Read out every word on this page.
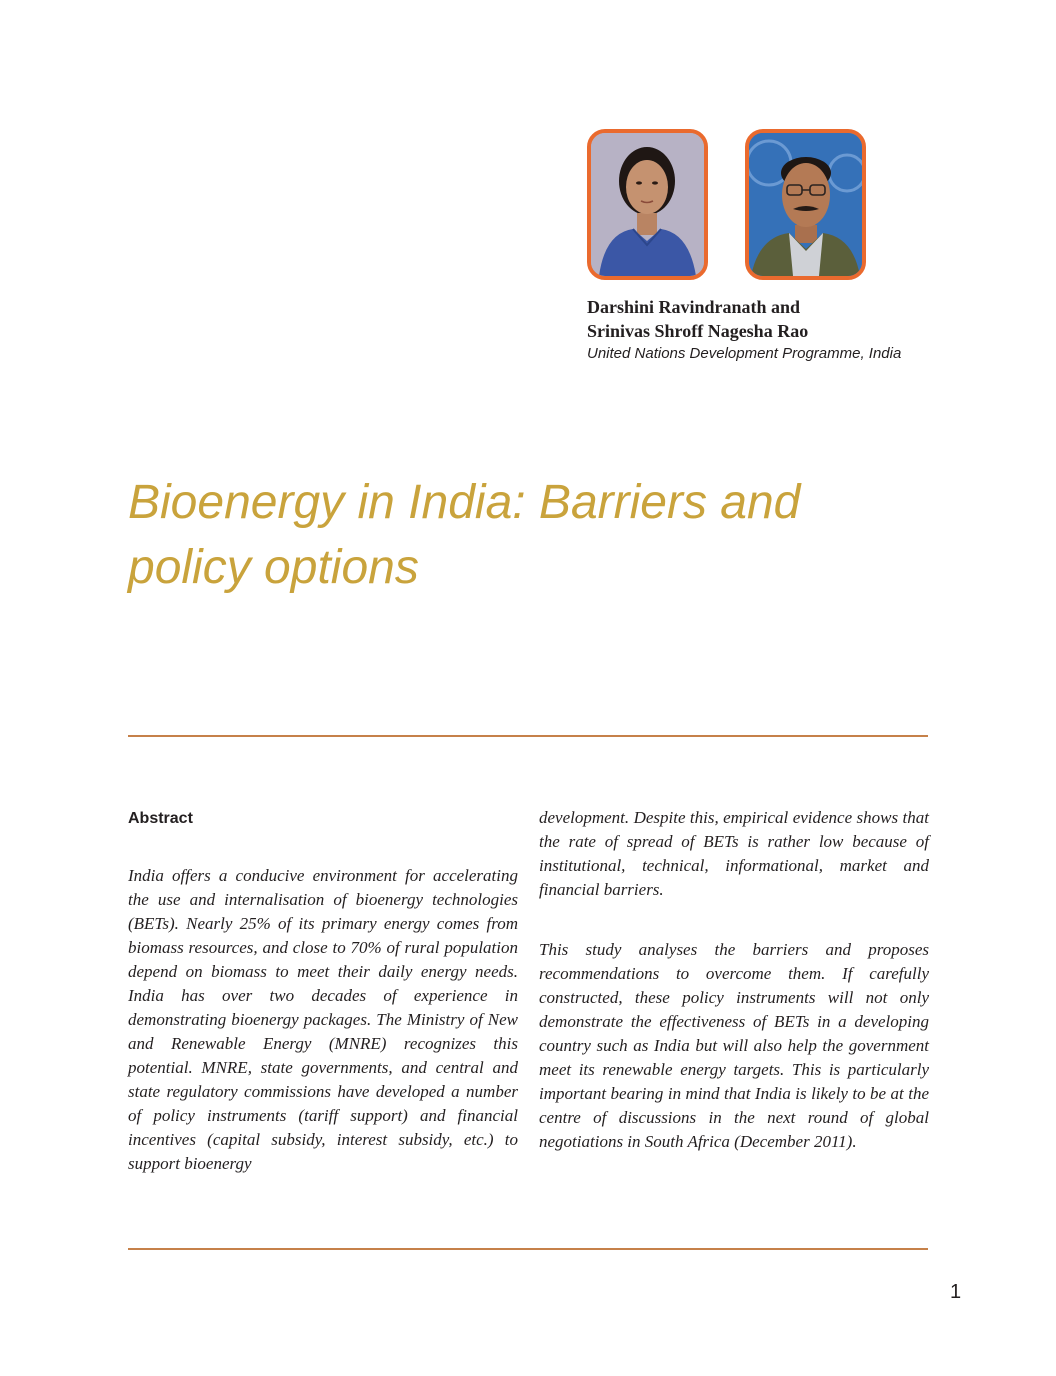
Darshini Ravindranath and
Srinivas Shroff Nagesha Rao
United Nations Development Programme, India
Bioenergy in India: Barriers and policy options
Abstract

India offers a conducive environment for accelerating the use and internalisation of bioenergy technologies (BETs). Nearly 25% of its primary energy comes from biomass resources, and close to 70% of rural population depend on biomass to meet their daily energy needs. India has over two decades of experience in demonstrating bioenergy packages. The Ministry of New and Renewable Energy (MNRE) recognizes this potential. MNRE, state governments, and central and state regulatory commissions have developed a number of policy instruments (tariff support) and financial incentives (capital subsidy, interest subsidy, etc.) to support bioenergy

development. Despite this, empirical evidence shows that the rate of spread of BETs is rather low because of institutional, technical, informational, market and financial barriers.

This study analyses the barriers and proposes recommendations to overcome them. If carefully constructed, these policy instruments will not only demonstrate the effectiveness of BETs in a developing country such as India but will also help the government meet its renewable energy targets. This is particularly important bearing in mind that India is likely to be at the centre of discussions in the next round of global negotiations in South Africa (December 2011).

1
